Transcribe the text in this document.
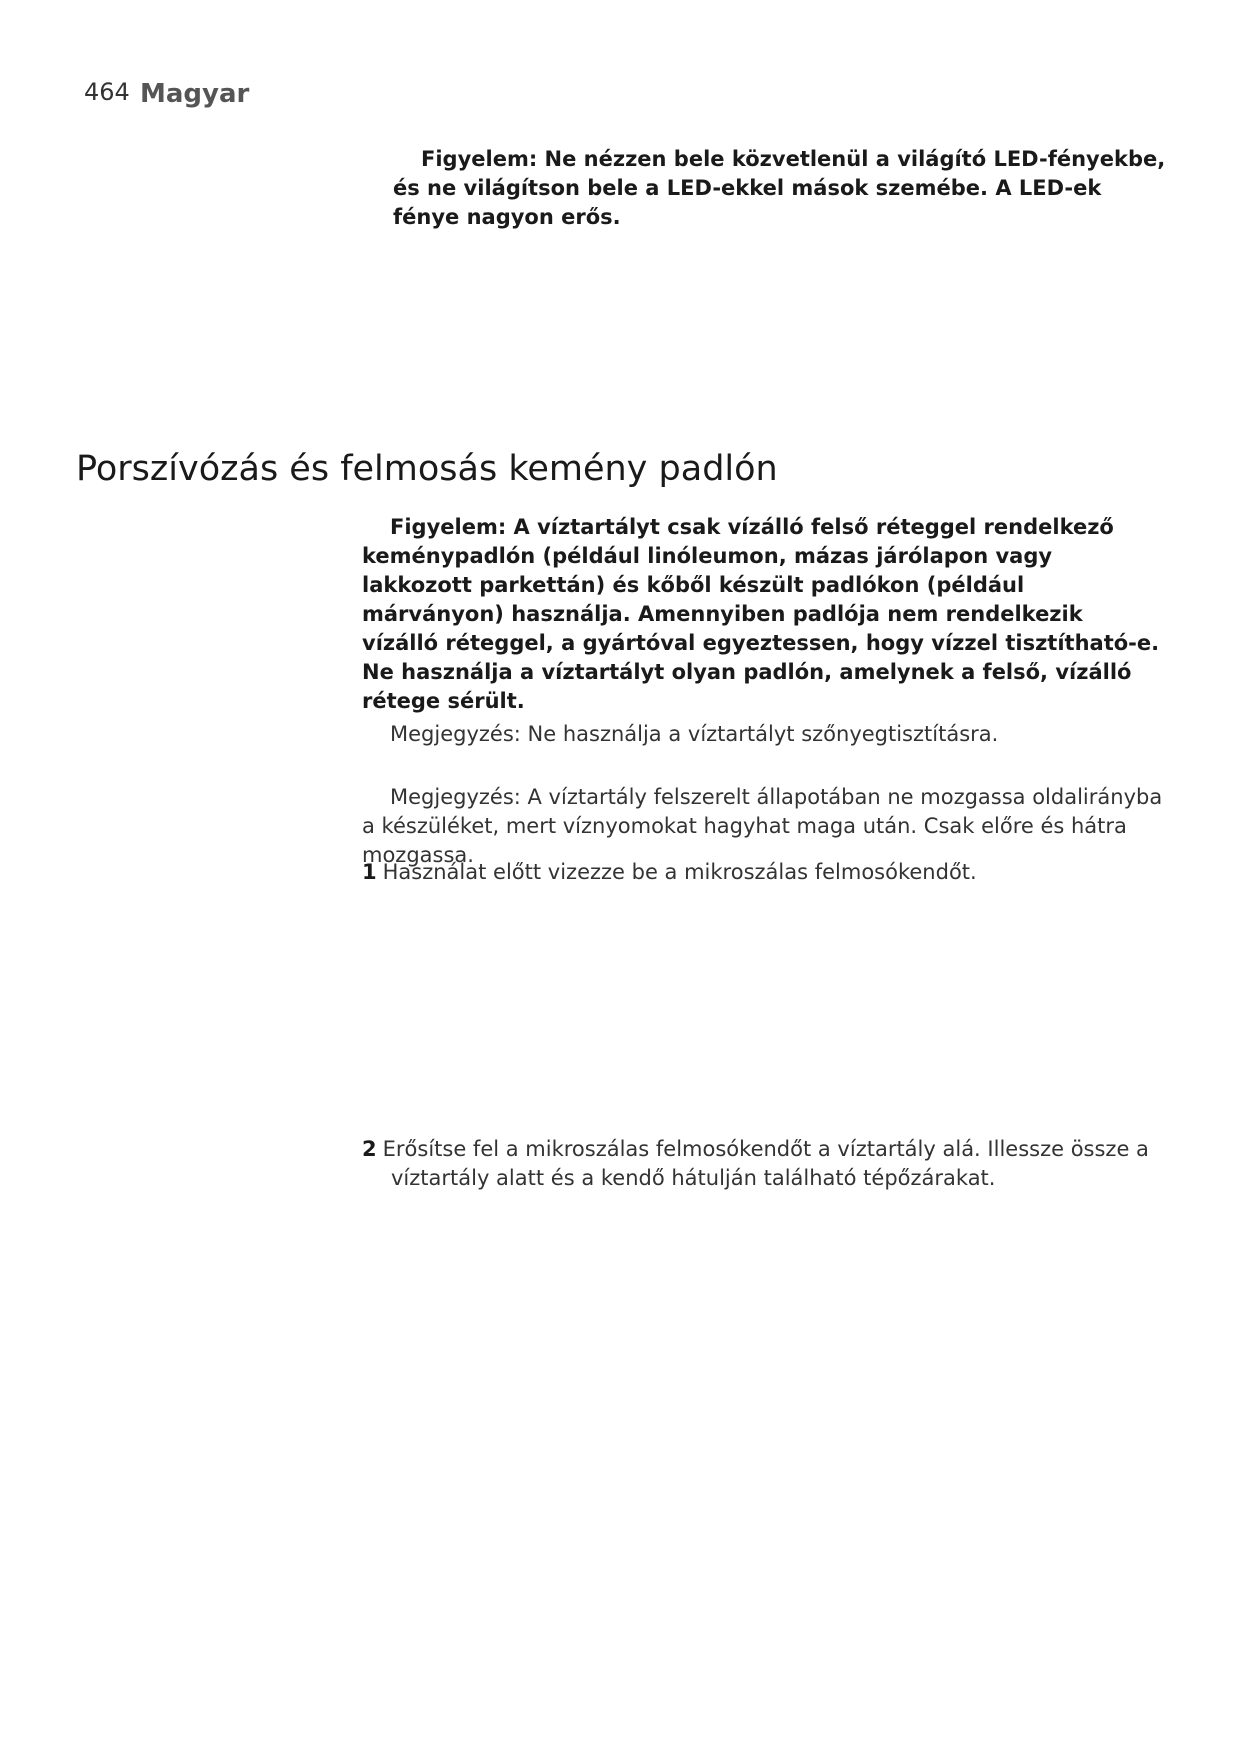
464 Magyar

Figyelem: Ne nézzen bele közvetlenül a világító LED-fényekbe, és ne világítson bele a LED-ekkel mások szemébe. A LED-ek fénye nagyon erős.

Porszívózás és felmosás kemény padlón

Figyelem: A víztartályt csak vízálló felső réteggel rendelkező keménypadlón (például linóleumon, mázas járólapon vagy lakkozott parkettán) és kőből készült padlókon (például márványon) használja. Amennyiben padlója nem rendelkezik vízálló réteggel, a gyártóval egyeztessen, hogy vízzel tisztítható-e. Ne használja a víztartályt olyan padlón, amelynek a felső, vízálló rétege sérült.

Megjegyzés: Ne használja a víztartályt szőnyegtisztításra.

Megjegyzés: A víztartály felszerelt állapotában ne mozgassa oldalirányba a készüléket, mert víznyomokat hagyhat maga után. Csak előre és hátra mozgassa.

1 Használat előtt vizezze be a mikroszálas felmosókendőt.

2 Erősítse fel a mikroszálas felmosókendőt a víztartály alá. Illessze össze a víztartály alatt és a kendő hátulján található tépőzárakat.
